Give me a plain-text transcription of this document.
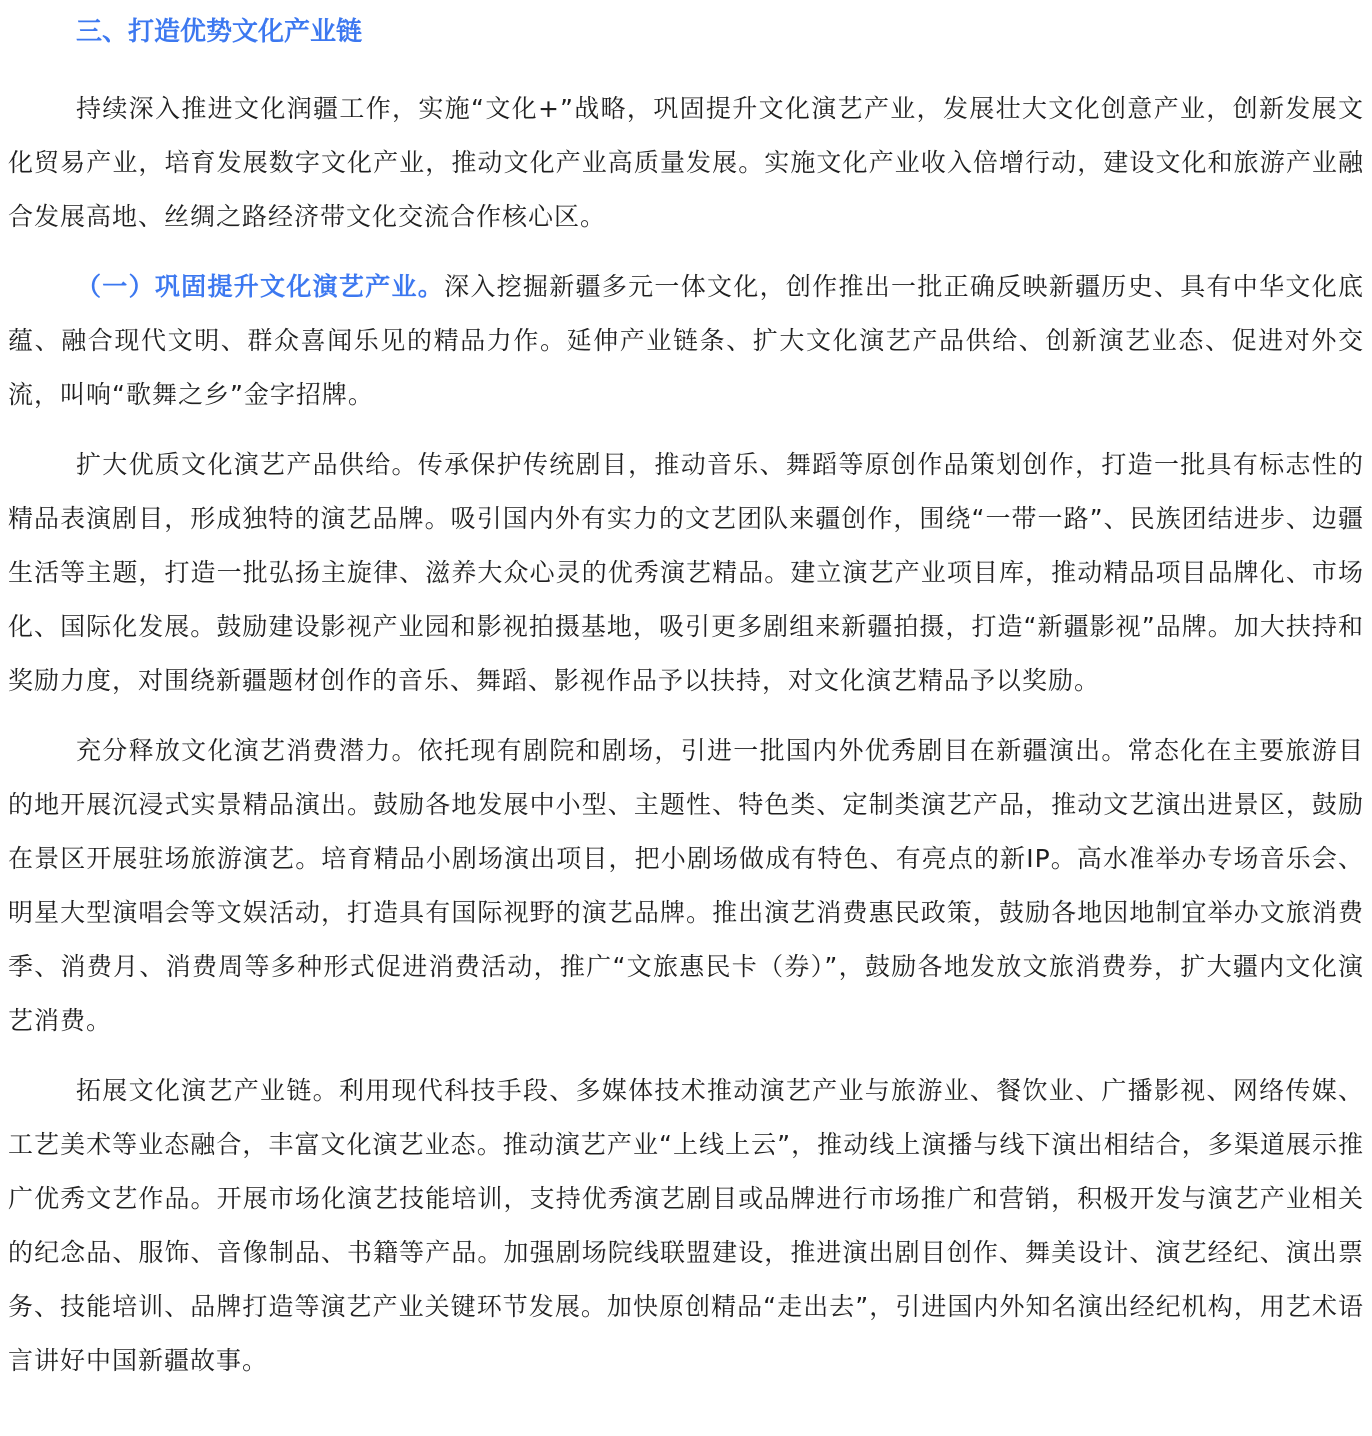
三、打造优势文化产业链

持续深入推进文化润疆工作，实施“文化+”战略，巩固提升文化演艺产业，发展壮大文化创意产业，创新发展文化贸易产业，培育发展数字文化产业，推动文化产业高质量发展。实施文化产业收入倍增行动，建设文化和旅游产业融合发展高地、丝绸之路经济带文化交流合作核心区。

（一）巩固提升文化演艺产业。深入挖掘新疆多元一体文化，创作推出一批正确反映新疆历史、具有中华文化底蕴、融合现代文明、群众喜闻乐见的精品力作。延伸产业链条、扩大文化演艺产品供给、创新演艺业态、促进对外交流，叫响“歌舞之乡”金字招牌。

扩大优质文化演艺产品供给。传承保护传统剧目，推动音乐、舞蹈等原创作品策划创作，打造一批具有标志性的精品表演剧目，形成独特的演艺品牌。吸引国内外有实力的文艺团队来疆创作，围绕“一带一路”、民族团结进步、边疆生活等主题，打造一批弘扬主旋律、滋养大众心灵的优秀演艺精品。建立演艺产业项目库，推动精品项目品牌化、市场化、国际化发展。鼓励建设影视产业园和影视拍摄基地，吸引更多剧组来新疆拍摄，打造“新疆影视”品牌。加大扶持和奖励力度，对围绕新疆题材创作的音乐、舞蹈、影视作品予以扶持，对文化演艺精品予以奖励。

充分释放文化演艺消费潜力。依托现有剧院和剧场，引进一批国内外优秀剧目在新疆演出。常态化在主要旅游目的地开展沉浸式实景精品演出。鼓励各地发展中小型、主题性、特色类、定制类演艺产品，推动文艺演出进景区，鼓励在景区开展驻场旅游演艺。培育精品小剧场演出项目，把小剧场做成有特色、有亮点的新IP。高水准举办专场音乐会、明星大型演唱会等文娱活动，打造具有国际视野的演艺品牌。推出演艺消费惠民政策，鼓励各地因地制宜举办文旅消费季、消费月、消费周等多种形式促进消费活动，推广“文旅惠民卡（券）”，鼓励各地发放文旅消费券，扩大疆内文化演艺消费。

拓展文化演艺产业链。利用现代科技手段、多媒体技术推动演艺产业与旅游业、餐饮业、广播影视、网络传媒、工艺美术等业态融合，丰富文化演艺业态。推动演艺产业“上线上云”，推动线上演播与线下演出相结合，多渠道展示推广优秀文艺作品。开展市场化演艺技能培训，支持优秀演艺剧目或品牌进行市场推广和营销，积极开发与演艺产业相关的纪念品、服饰、音像制品、书籍等产品。加强剧场院线联盟建设，推进演出剧目创作、舞美设计、演艺经纪、演出票务、技能培训、品牌打造等演艺产业关键环节发展。加快原创精品“走出去”，引进国内外知名演出经纪机构，用艺术语言讲好中国新疆故事。
